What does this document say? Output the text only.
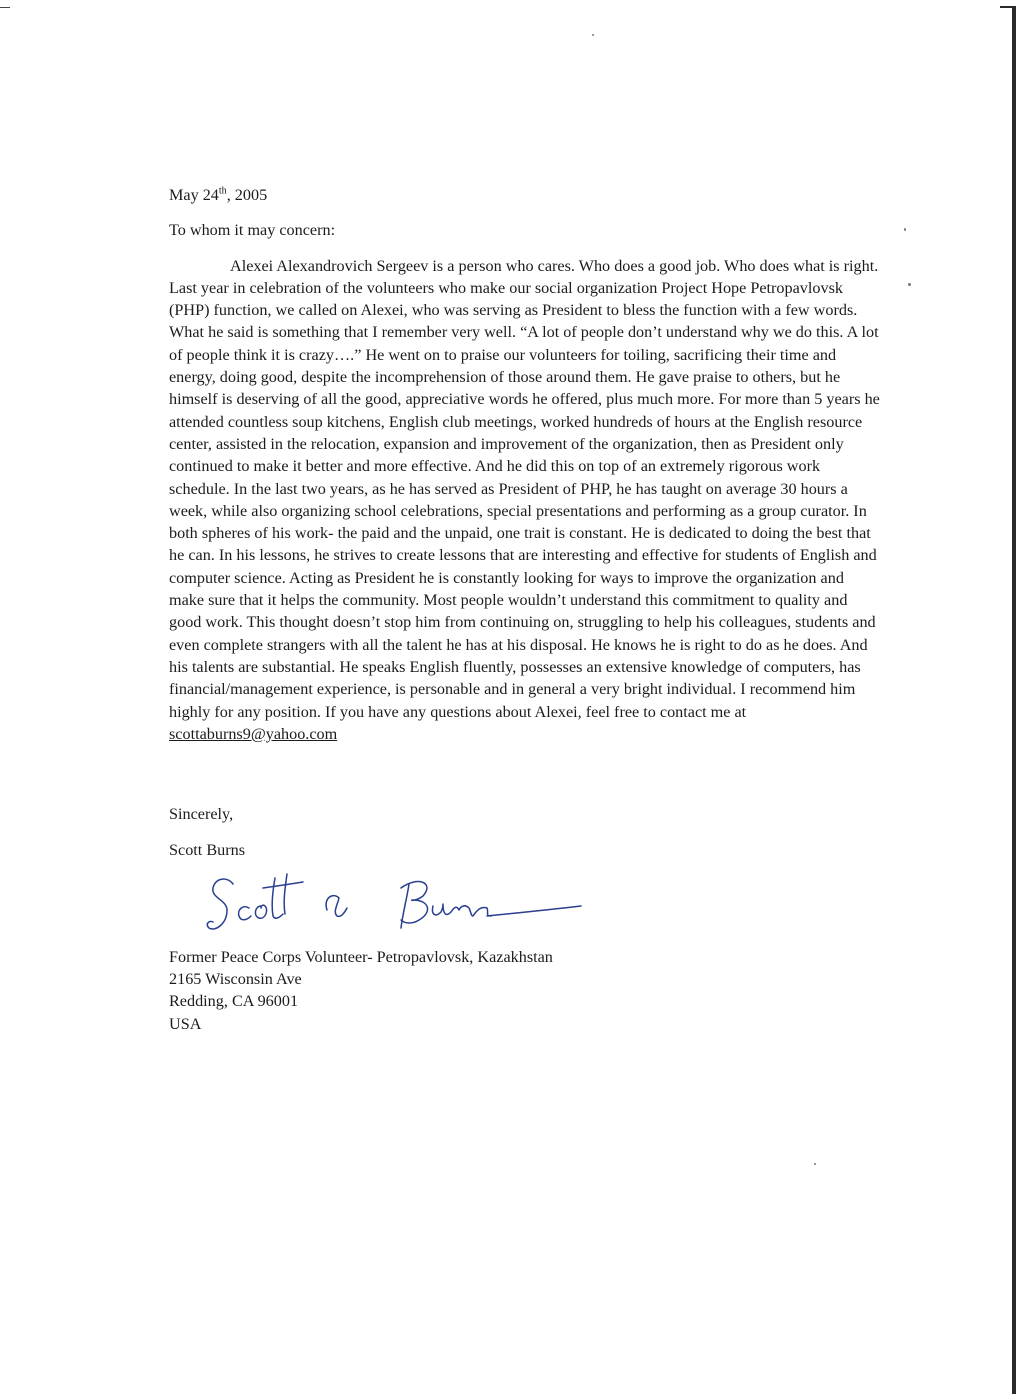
May 24th, 2005

To whom it may concern:

Alexei Alexandrovich Sergeev is a person who cares. Who does a good job. Who does what is right. Last year in celebration of the volunteers who make our social organization Project Hope Petropavlovsk (PHP) function, we called on Alexei, who was serving as President to bless the function with a few words. What he said is something that I remember very well. “A lot of people don’t understand why we do this. A lot of people think it is crazy….” He went on to praise our volunteers for toiling, sacrificing their time and energy, doing good, despite the incomprehension of those around them. He gave praise to others, but he himself is deserving of all the good, appreciative words he offered, plus much more. For more than 5 years he attended countless soup kitchens, English club meetings, worked hundreds of hours at the English resource center, assisted in the relocation, expansion and improvement of the organization, then as President only continued to make it better and more effective. And he did this on top of an extremely rigorous work schedule. In the last two years, as he has served as President of PHP, he has taught on average 30 hours a week, while also organizing school celebrations, special presentations and performing as a group curator. In both spheres of his work- the paid and the unpaid, one trait is constant. He is dedicated to doing the best that he can. In his lessons, he strives to create lessons that are interesting and effective for students of English and computer science. Acting as President he is constantly looking for ways to improve the organization and make sure that it helps the community. Most people wouldn’t understand this commitment to quality and good work. This thought doesn’t stop him from continuing on, struggling to help his colleagues, students and even complete strangers with all the talent he has at his disposal. He knows he is right to do as he does. And his talents are substantial. He speaks English fluently, possesses an extensive knowledge of computers, has financial/management experience, is personable and in general a very bright individual. I recommend him highly for any position. If you have any questions about Alexei, feel free to contact me at scottaburns9@yahoo.com

Sincerely,

Scott Burns

Former Peace Corps Volunteer- Petropavlovsk, Kazakhstan

2165 Wisconsin Ave

Redding, CA 96001

USA
